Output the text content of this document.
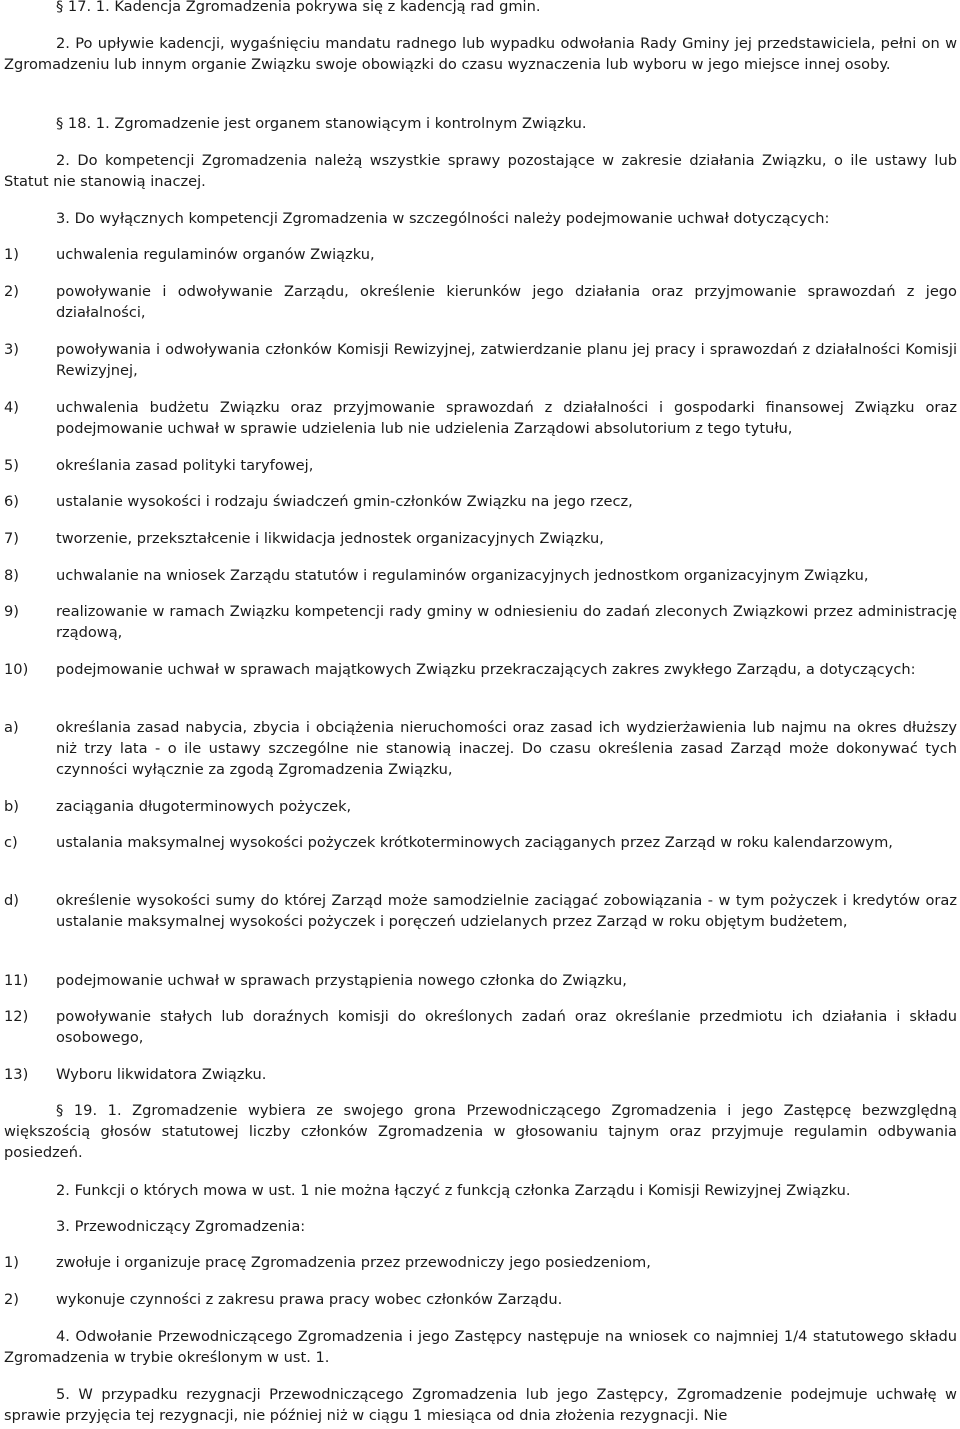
§ 17. 1. Kadencja Zgromadzenia pokrywa się z kadencją rad gmin.

2. Po upływie kadencji, wygaśnięciu mandatu radnego lub wypadku odwołania Rady Gminy jej przedstawiciela, pełni on w Zgromadzeniu lub innym organie Związku swoje obowiązki do czasu wyznaczenia lub wyboru w jego miejsce innej osoby.

§ 18. 1. Zgromadzenie jest organem stanowiącym i kontrolnym Związku.

2. Do kompetencji Zgromadzenia należą wszystkie sprawy pozostające w zakresie działania Związku, o ile ustawy lub Statut nie stanowią inaczej.

3. Do wyłącznych kompetencji Zgromadzenia w szczególności należy podejmowanie uchwał dotyczących:

1)	uchwalenia regulaminów organów Związku,
2)	powoływanie i odwoływanie Zarządu, określenie kierunków jego działania oraz przyjmowanie sprawozdań z jego działalności,
3)	powoływania i odwoływania członków Komisji Rewizyjnej, zatwierdzanie planu jej pracy i sprawozdań z działalności Komisji Rewizyjnej,
4)	uchwalenia budżetu Związku oraz przyjmowanie sprawozdań z działalności i gospodarki finansowej Związku oraz podejmowanie uchwał w sprawie udzielenia lub nie udzielenia Zarządowi absolutorium z tego tytułu,
5)	określania zasad polityki taryfowej,
6)	ustalanie wysokości i rodzaju świadczeń gmin-członków Związku na jego rzecz,
7)	tworzenie, przekształcenie i likwidacja jednostek organizacyjnych Związku,
8)	uchwalanie na wniosek Zarządu statutów i regulaminów organizacyjnych jednostkom organizacyjnym Związku,
9)	realizowanie w ramach Związku kompetencji rady gminy w odniesieniu do zadań zleconych Związkowi przez administrację rządową,
10)	podejmowanie uchwał w sprawach majątkowych Związku przekraczających zakres zwykłego Zarządu, a dotyczących:
a)	określania zasad nabycia, zbycia i obciążenia nieruchomości oraz zasad ich wydzierżawienia lub najmu na okres dłuższy niż trzy lata - o ile ustawy szczególne nie stanowią inaczej. Do czasu określenia zasad Zarząd może dokonywać tych czynności wyłącznie za zgodą Zgromadzenia Związku,
b)	zaciągania długoterminowych pożyczek,
c)	ustalania maksymalnej wysokości pożyczek krótkoterminowych zaciąganych przez Zarząd w roku kalendarzowym,
d)	określenie wysokości sumy do której Zarząd może samodzielnie zaciągać zobowiązania - w tym pożyczek i kredytów oraz ustalanie maksymalnej wysokości pożyczek i poręczeń udzielanych przez Zarząd w roku objętym budżetem,
11)	podejmowanie uchwał w sprawach przystąpienia nowego członka do Związku,
12)	powoływanie stałych lub doraźnych komisji do określonych zadań oraz określanie przedmiotu ich działania i składu osobowego,
13)	Wyboru likwidatora Związku.

§ 19. 1. Zgromadzenie wybiera ze swojego grona Przewodniczącego Zgromadzenia i jego Zastępcę bezwzględną większością głosów statutowej liczby członków Zgromadzenia w głosowaniu tajnym oraz przyjmuje regulamin odbywania posiedzeń.

2. Funkcji o których mowa w ust. 1 nie można łączyć z funkcją członka Zarządu i Komisji Rewizyjnej Związku.

3. Przewodniczący Zgromadzenia:

1)	zwołuje i organizuje pracę Zgromadzenia przez przewodniczy jego posiedzeniom,
2)	wykonuje czynności z zakresu prawa pracy wobec członków Zarządu.

4. Odwołanie Przewodniczącego Zgromadzenia i jego Zastępcy następuje na wniosek co najmniej 1/4 statutowego składu Zgromadzenia w trybie określonym w ust. 1.

5. W przypadku rezygnacji Przewodniczącego Zgromadzenia lub jego Zastępcy, Zgromadzenie podejmuje uchwałę w sprawie przyjęcia tej rezygnacji, nie później niż w ciągu 1 miesiąca od dnia złożenia rezygnacji. Nie
